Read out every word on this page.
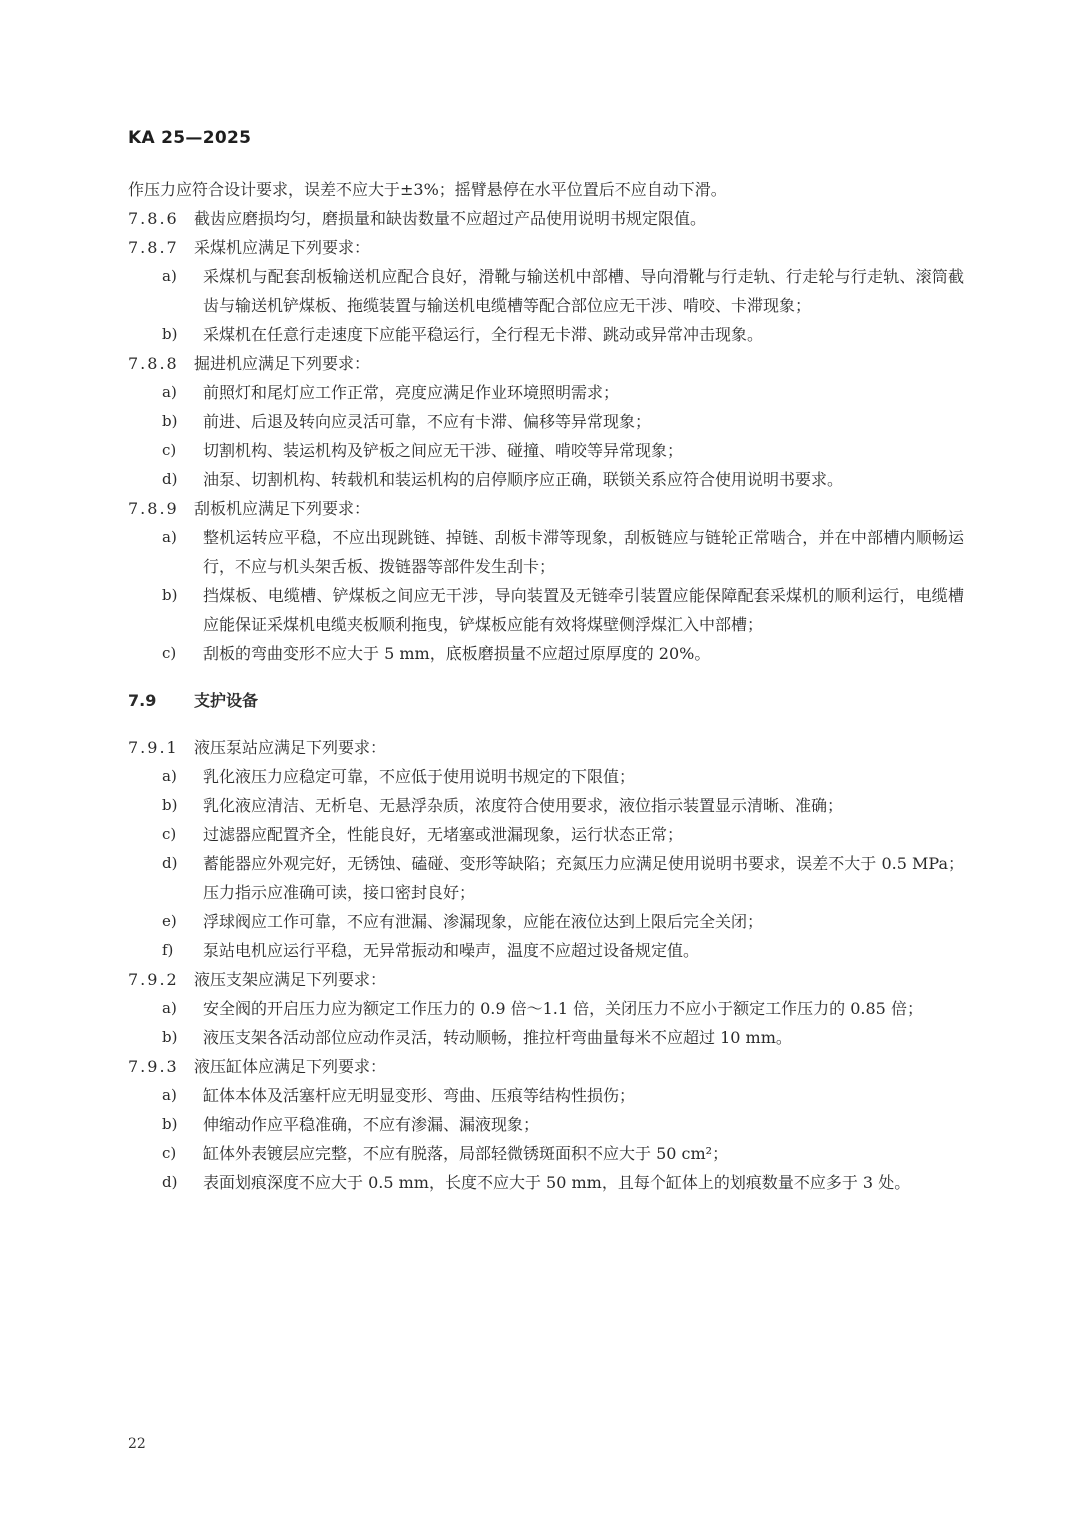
KA 25—2025

作压力应符合设计要求，误差不应大于±3%；摇臂悬停在水平位置后不应自动下滑。

7.8.6 截齿应磨损均匀，磨损量和缺齿数量不应超过产品使用说明书规定限值。

7.8.7 采煤机应满足下列要求：

a) 采煤机与配套刮板输送机应配合良好，滑靴与输送机中部槽、导向滑靴与行走轨、行走轮与行走轨、滚筒截齿与输送机铲煤板、拖缆装置与输送机电缆槽等配合部位应无干涉、啃咬、卡滞现象；
b) 采煤机在任意行走速度下应能平稳运行，全行程无卡滞、跳动或异常冲击现象。

7.8.8 掘进机应满足下列要求：

a) 前照灯和尾灯应工作正常，亮度应满足作业环境照明需求；
b) 前进、后退及转向应灵活可靠，不应有卡滞、偏移等异常现象；
c) 切割机构、装运机构及铲板之间应无干涉、碰撞、啃咬等异常现象；
d) 油泵、切割机构、转载机和装运机构的启停顺序应正确，联锁关系应符合使用说明书要求。

7.8.9 刮板机应满足下列要求：

a) 整机运转应平稳，不应出现跳链、掉链、刮板卡滞等现象，刮板链应与链轮正常啮合，并在中部槽内顺畅运行，不应与机头架舌板、拨链器等部件发生刮卡；
b) 挡煤板、电缆槽、铲煤板之间应无干涉，导向装置及无链牵引装置应能保障配套采煤机的顺利运行，电缆槽应能保证采煤机电缆夹板顺利拖曳，铲煤板应能有效将煤壁侧浮煤汇入中部槽；
c) 刮板的弯曲变形不应大于 5 mm，底板磨损量不应超过原厚度的 20%。

7.9 支护设备

7.9.1 液压泵站应满足下列要求：

a) 乳化液压力应稳定可靠，不应低于使用说明书规定的下限值；
b) 乳化液应清洁、无析皂、无悬浮杂质，浓度符合使用要求，液位指示装置显示清晰、准确；
c) 过滤器应配置齐全，性能良好，无堵塞或泄漏现象，运行状态正常；
d) 蓄能器应外观完好，无锈蚀、磕碰、变形等缺陷；充氮压力应满足使用说明书要求，误差不大于 0.5 MPa；压力指示应准确可读，接口密封良好；
e) 浮球阀应工作可靠，不应有泄漏、渗漏现象，应能在液位达到上限后完全关闭；
f) 泵站电机应运行平稳，无异常振动和噪声，温度不应超过设备规定值。

7.9.2 液压支架应满足下列要求：

a) 安全阀的开启压力应为额定工作压力的 0.9 倍～1.1 倍，关闭压力不应小于额定工作压力的 0.85 倍；
b) 液压支架各活动部位应动作灵活，转动顺畅，推拉杆弯曲量每米不应超过 10 mm。

7.9.3 液压缸体应满足下列要求：

a) 缸体本体及活塞杆应无明显变形、弯曲、压痕等结构性损伤；
b) 伸缩动作应平稳准确，不应有渗漏、漏液现象；
c) 缸体外表镀层应完整，不应有脱落，局部轻微锈斑面积不应大于 50 cm²；
d) 表面划痕深度不应大于 0.5 mm，长度不应大于 50 mm，且每个缸体上的划痕数量不应多于 3 处。
22
